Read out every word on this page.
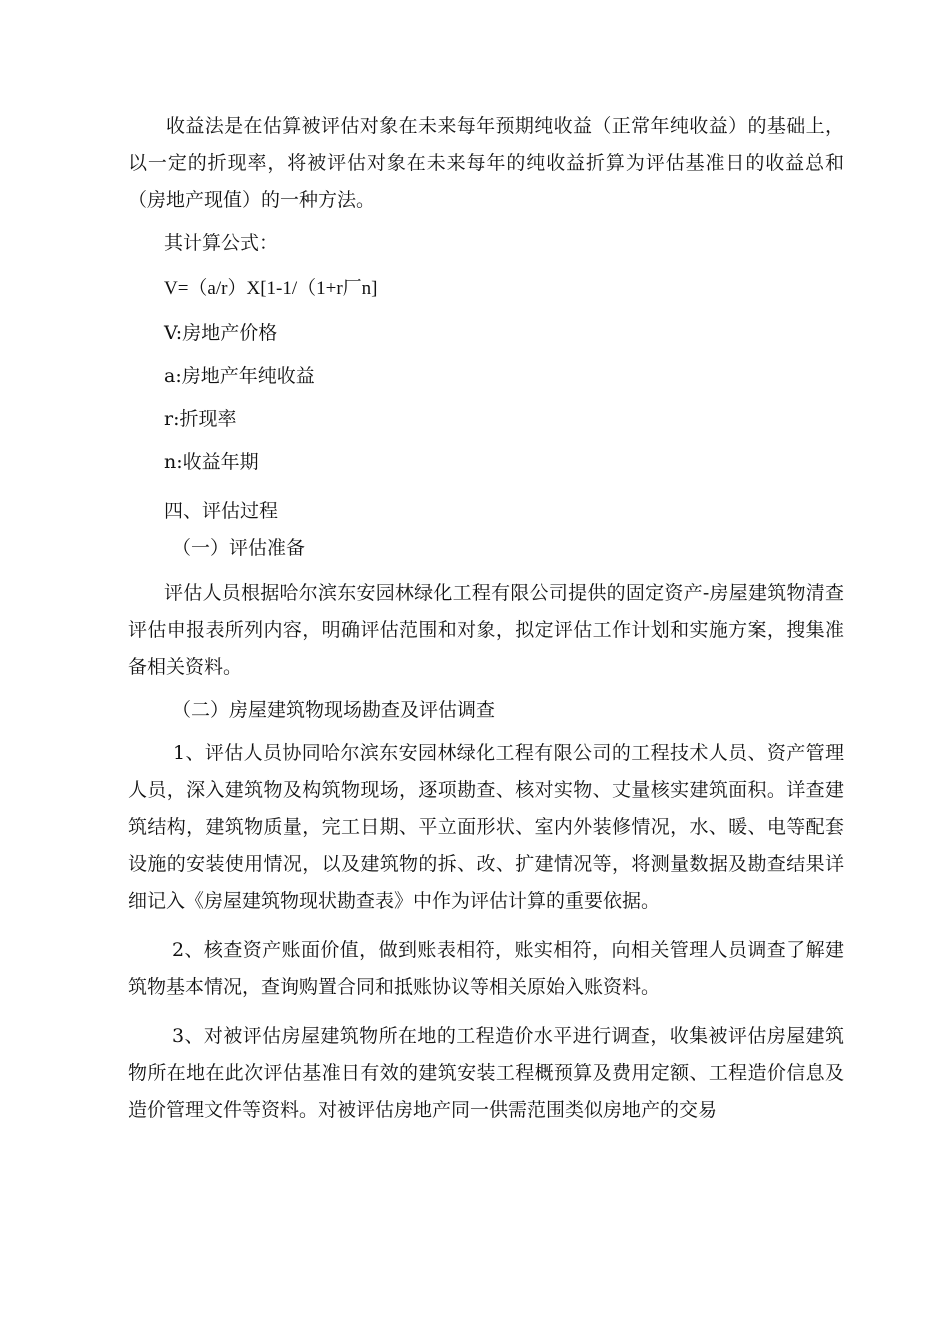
收益法是在估算被评估对象在未来每年预期纯收益（正常年纯收益）的基础上，以一定的折现率，将被评估对象在未来每年的纯收益折算为评估基准日的收益总和（房地产现值）的一种方法。

其计算公式：

V=（a/r）X[1-1/（1+r厂n]

V:房地产价格

a:房地产年纯收益

r:折现率

n:收益年期

四、评估过程

（一）评估准备

评估人员根据哈尔滨东安园林绿化工程有限公司提供的固定资产-房屋建筑物清查评估申报表所列内容，明确评估范围和对象，拟定评估工作计划和实施方案，搜集准备相关资料。

（二）房屋建筑物现场勘查及评估调查

1、评估人员协同哈尔滨东安园林绿化工程有限公司的工程技术人员、资产管理人员，深入建筑物及构筑物现场，逐项勘查、核对实物、丈量核实建筑面积。详查建筑结构，建筑物质量，完工日期、平立面形状、室内外装修情况，水、暖、电等配套设施的安装使用情况，以及建筑物的拆、改、扩建情况等，将测量数据及勘查结果详细记入《房屋建筑物现状勘查表》中作为评估计算的重要依据。

2、核查资产账面价值，做到账表相符，账实相符，向相关管理人员调查了解建筑物基本情况，查询购置合同和抵账协议等相关原始入账资料。

3、对被评估房屋建筑物所在地的工程造价水平进行调查，收集被评估房屋建筑物所在地在此次评估基准日有效的建筑安装工程概预算及费用定额、工程造价信息及造价管理文件等资料。对被评估房地产同一供需范围类似房地产的交易
